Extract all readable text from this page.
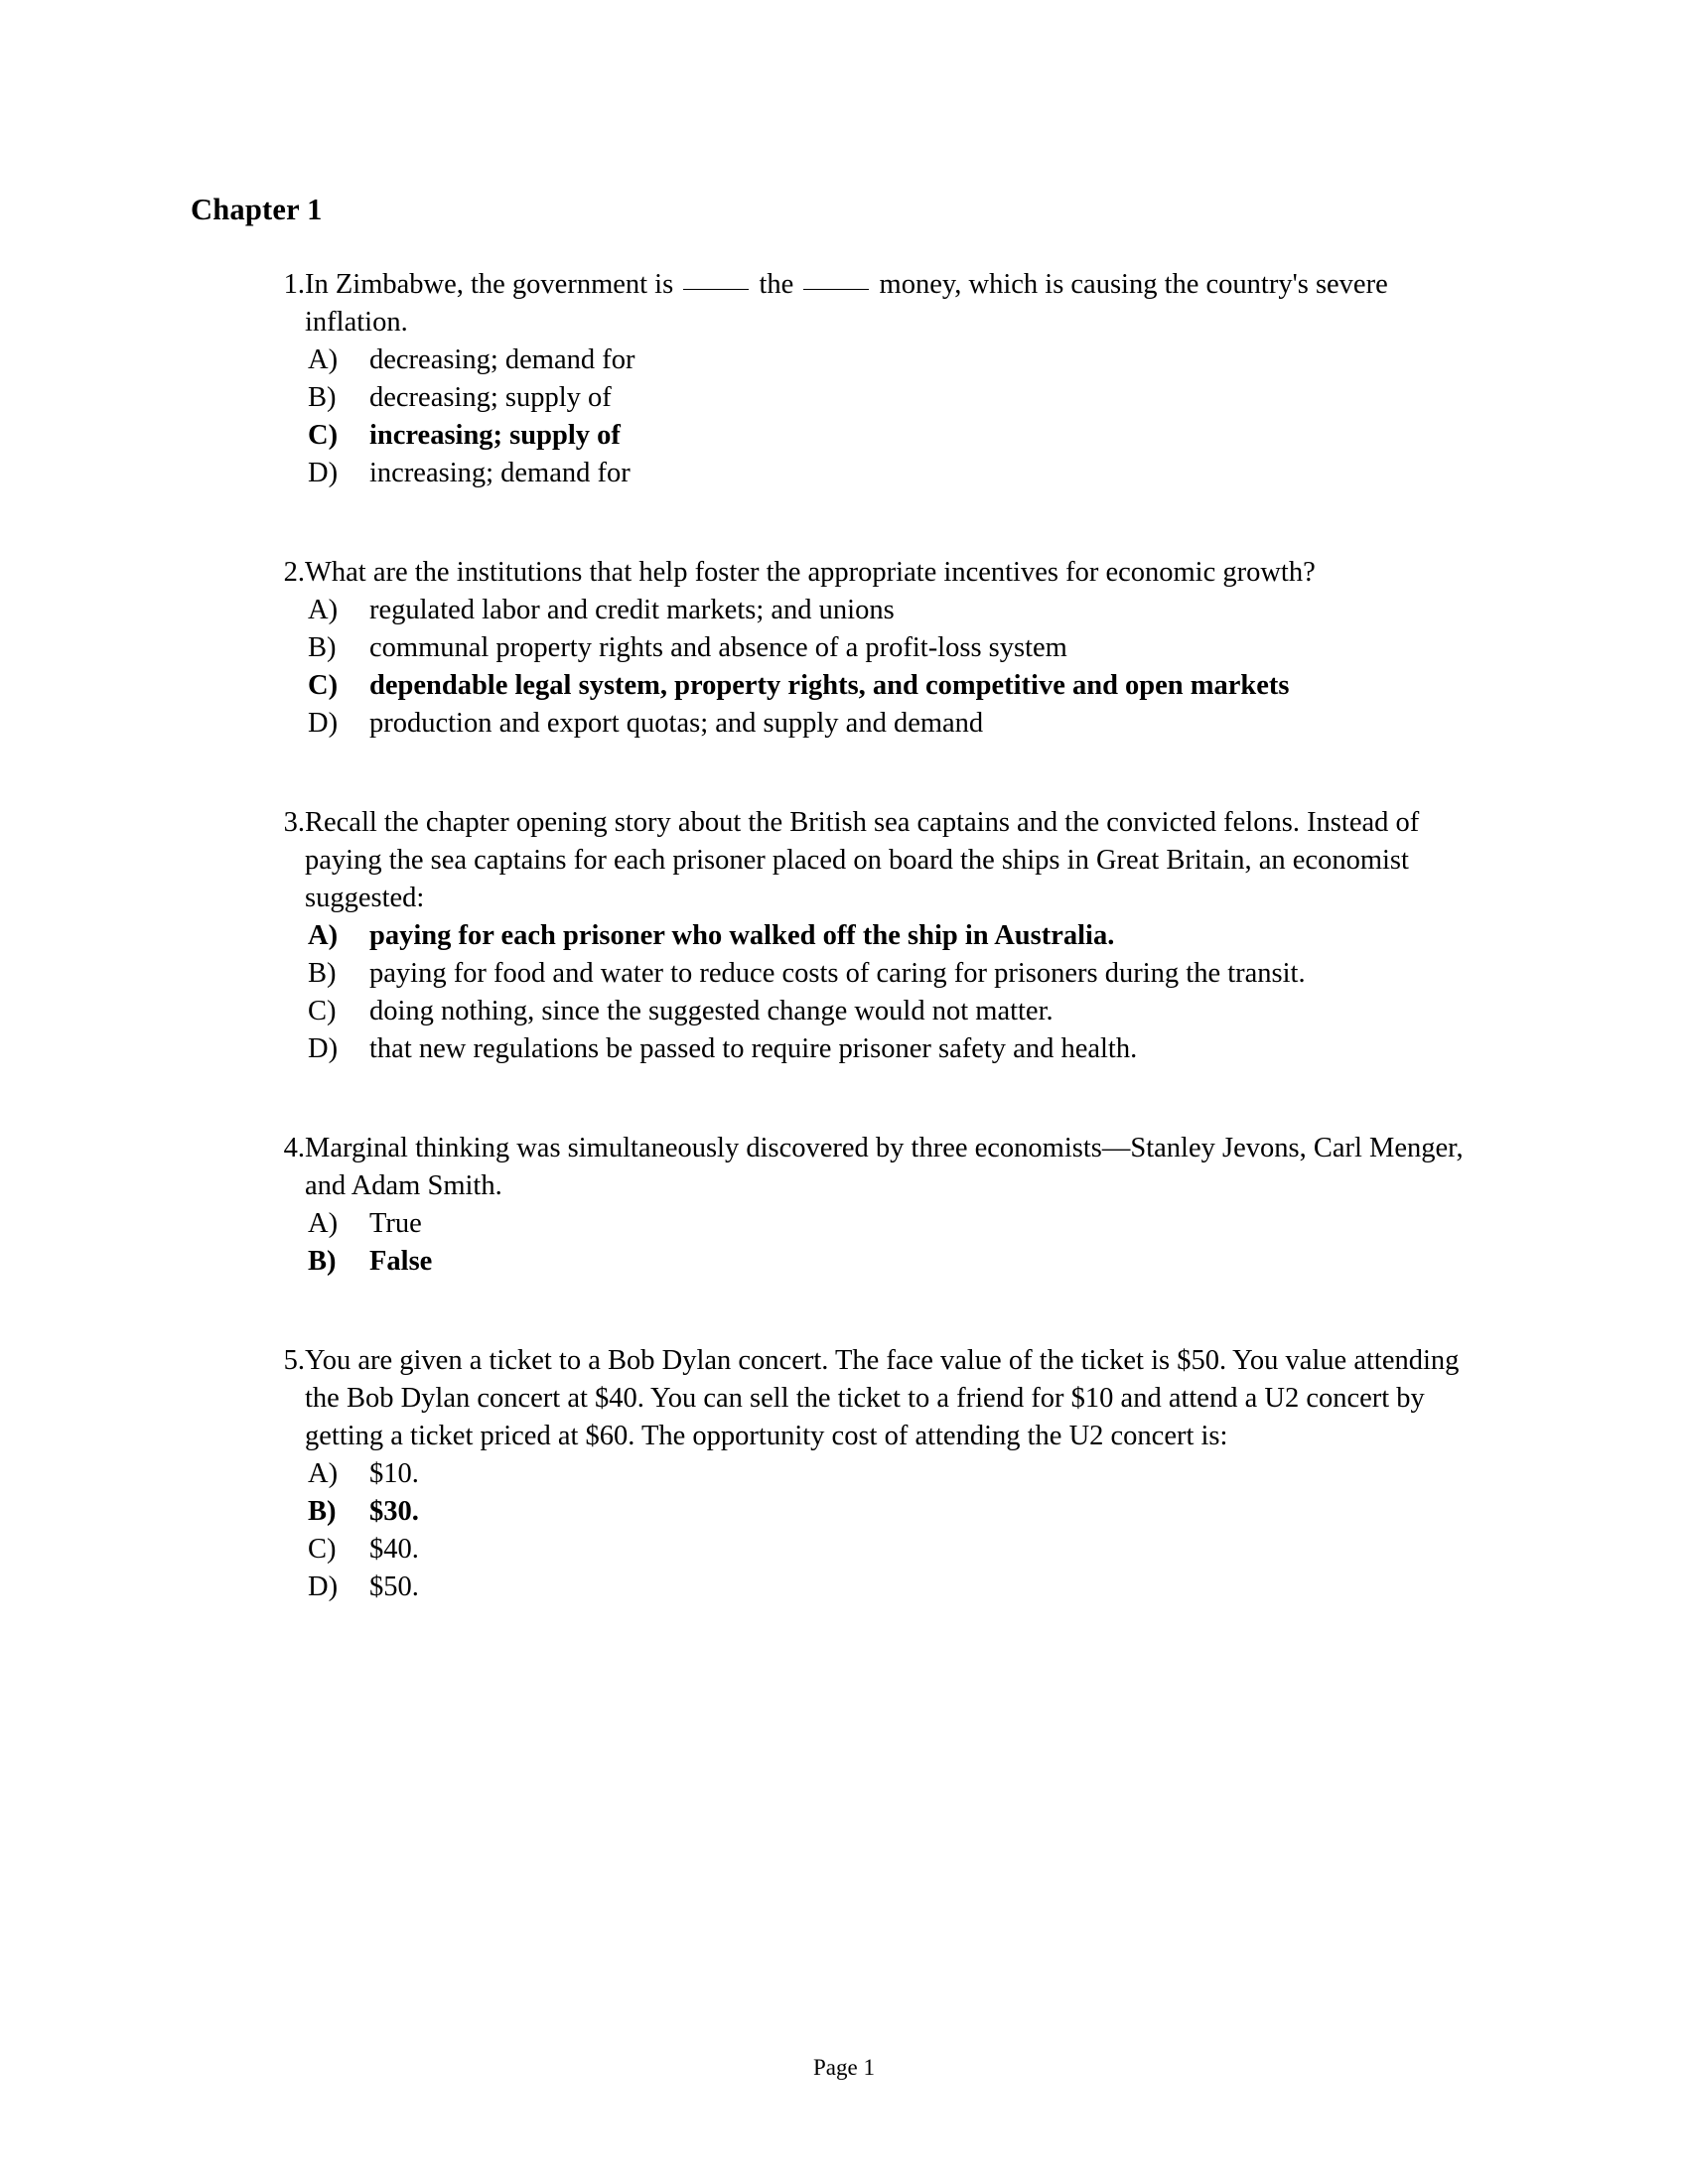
Chapter 1
1. In Zimbabwe, the government is	the	money, which is causing the country's severe inflation.
A)	decreasing; demand for
B)	decreasing; supply of
C)	increasing; supply of
D)	increasing; demand for
2. What are the institutions that help foster the appropriate incentives for economic growth?
A)	regulated labor and credit markets; and unions
B)	communal property rights and absence of a profit-loss system
C)	dependable legal system, property rights, and competitive and open markets
D)	production and export quotas; and supply and demand
3. Recall the chapter opening story about the British sea captains and the convicted felons. Instead of paying the sea captains for each prisoner placed on board the ships in Great Britain, an economist suggested:
A)	paying for each prisoner who walked off the ship in Australia.
B)	paying for food and water to reduce costs of caring for prisoners during the transit.
C)	doing nothing, since the suggested change would not matter.
D)	that new regulations be passed to require prisoner safety and health.
4. Marginal thinking was simultaneously discovered by three economists—Stanley Jevons, Carl Menger, and Adam Smith.
A)	True
B)	False
5. You are given a ticket to a Bob Dylan concert. The face value of the ticket is $50. You value attending the Bob Dylan concert at $40. You can sell the ticket to a friend for $10 and attend a U2 concert by getting a ticket priced at $60. The opportunity cost of attending the U2 concert is:
A)	$10.
B)	$30.
C)	$40.
D)	$50.
Page 1
